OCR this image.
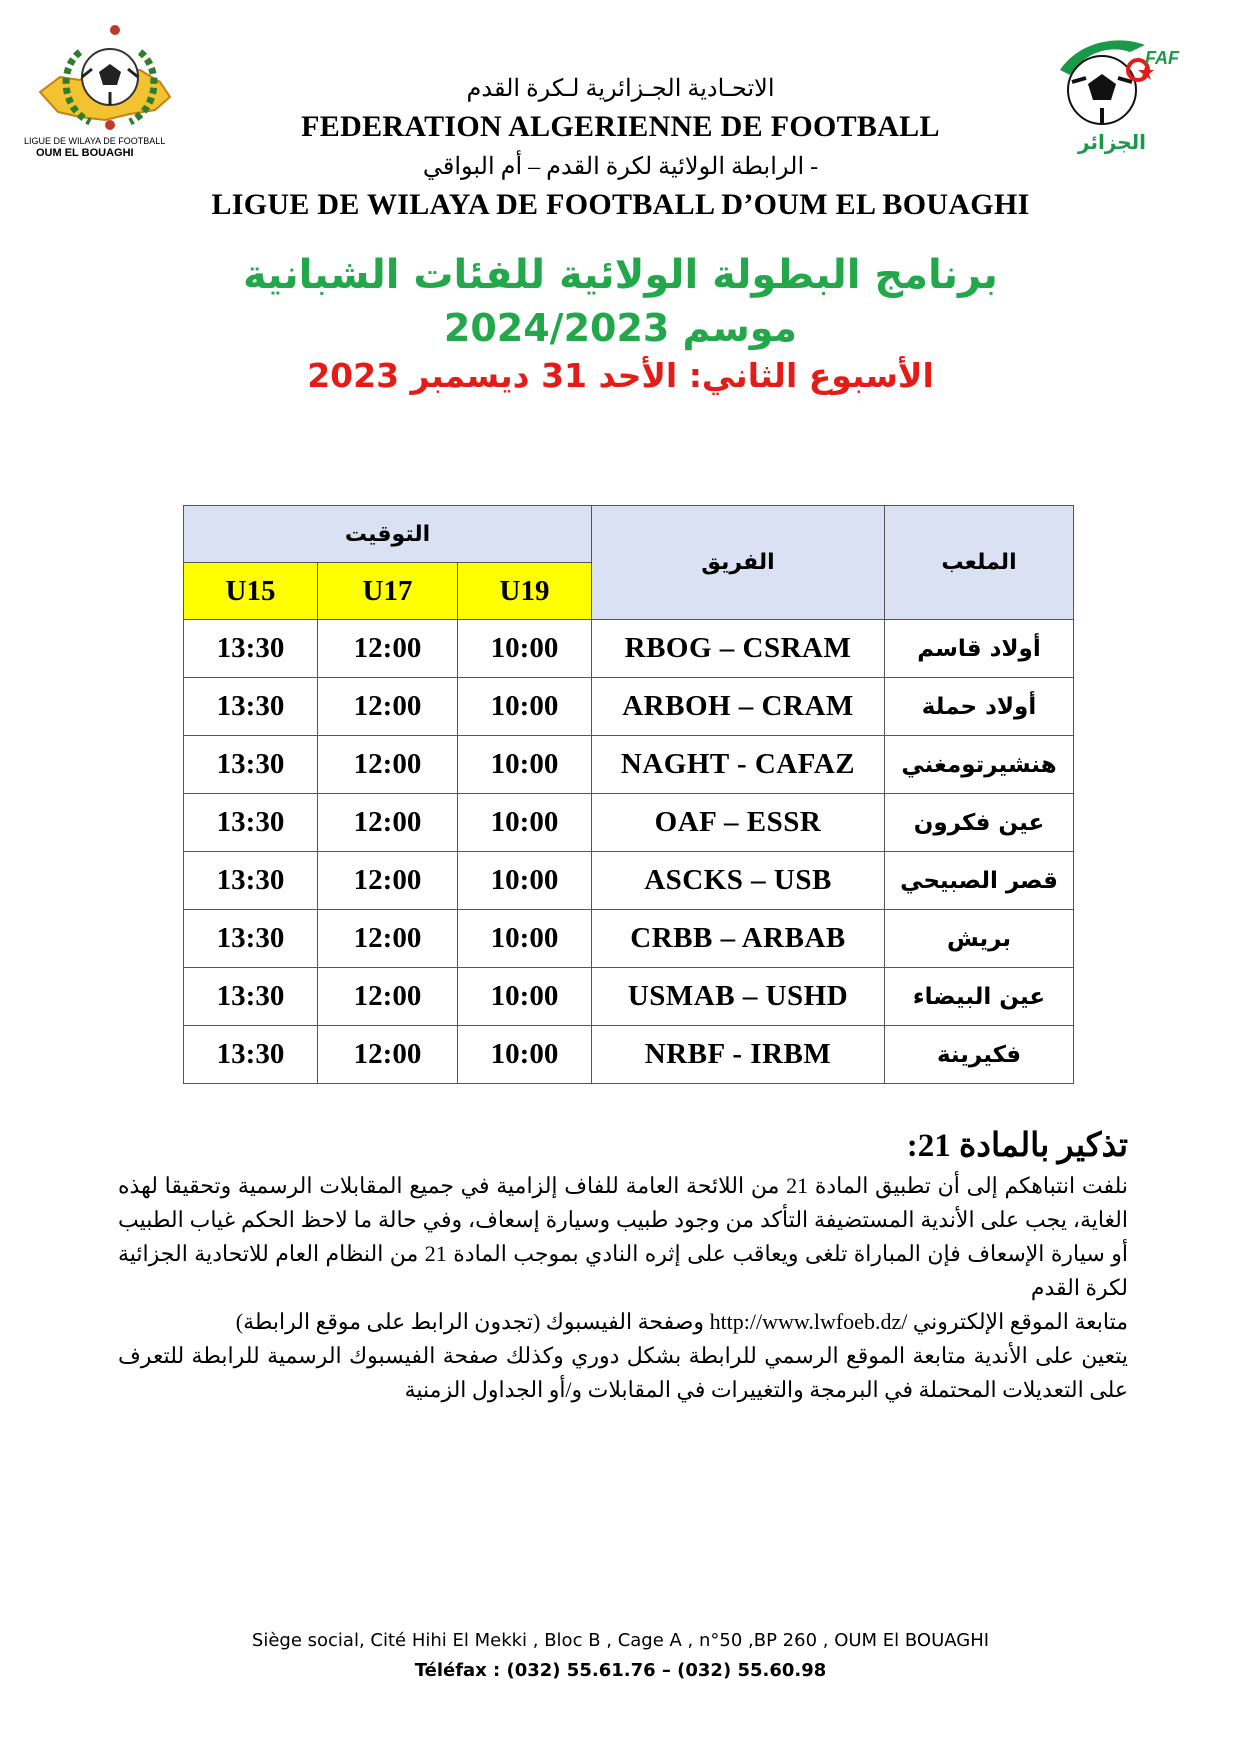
LIGUE DE WILAYA DE FOOTBALL
OUM EL BOUAGHI
FAF
الجزائر
الاتحـادية الجـزائرية لـكرة القدم
FEDERATION ALGERIENNE DE FOOTBALL
الرابطة الولائية لكرة القدم – أم البواقي -
LIGUE DE WILAYA DE FOOTBALL D’OUM EL BOUAGHI
برنامج البطولة الولائية للفئات الشبانية
موسم 2024/2023
الأسبوع الثاني: الأحد 31 ديسمبر 2023
التوقيت			الفريق	الملعب
U15	U17	U19		
13:30	12:00	10:00	RBOG – CSRAM	أولاد قاسم
13:30	12:00	10:00	ARBOH – CRAM	أولاد حملة
13:30	12:00	10:00	NAGHT - CAFAZ	هنشيرتومغني
13:30	12:00	10:00	OAF – ESSR	عين فكرون
13:30	12:00	10:00	ASCKS – USB	قصر الصبيحي
13:30	12:00	10:00	CRBB – ARBAB	بريش
13:30	12:00	10:00	USMAB – USHD	عين البيضاء
13:30	12:00	10:00	NRBF - IRBM	فكيرينة
تذكير بالمادة 21:

نلفت انتباهكم إلى أن تطبيق المادة 21 من اللائحة العامة للفاف إلزامية في جميع المقابلات الرسمية وتحقيقا لهذه الغاية، يجب على الأندية المستضيفة التأكد من وجود طبيب وسيارة إسعاف، وفي حالة ما لاحظ الحكم غياب الطبيب أو سيارة الإسعاف فإن المباراة تلغى ويعاقب على إثره النادي بموجب المادة 21 من النظام العام للاتحادية الجزائية لكرة القدم

متابعة الموقع الإلكتروني /http://www.lwfoeb.dz وصفحة الفيسبوك (تجدون الرابط على موقع الرابطة)

يتعين على الأندية متابعة الموقع الرسمي للرابطة بشكل دوري وكذلك صفحة الفيسبوك الرسمية للرابطة للتعرف على التعديلات المحتملة في البرمجة والتغييرات في المقابلات و/أو الجداول الزمنية

Siège social, Cité Hihi El Mekki , Bloc B , Cage A , n°50 ,BP 260 , OUM El BOUAGHI
Téléfax : (032) 55.61.76 – (032) 55.60.98
